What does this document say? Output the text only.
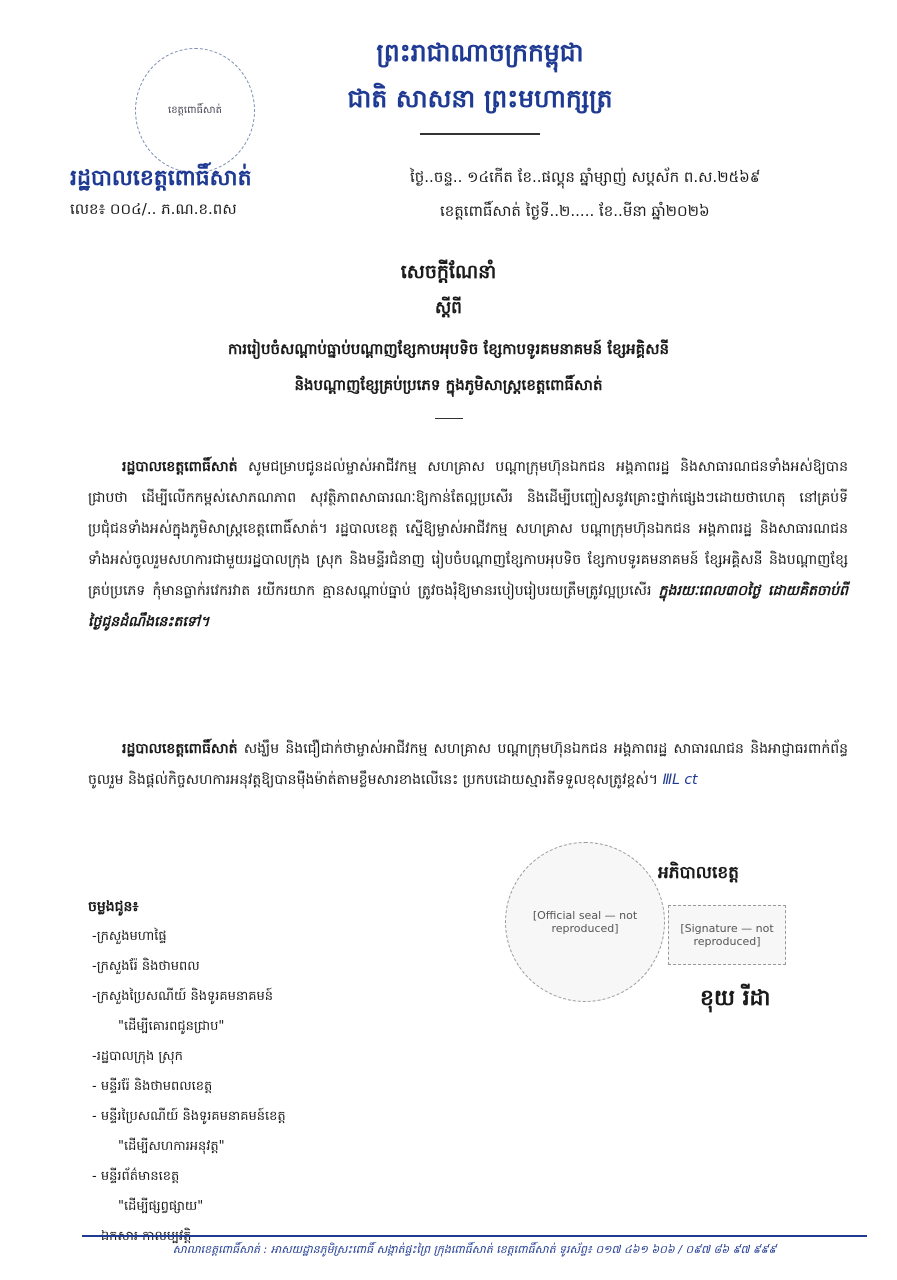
ខេត្តពោធិ៍សាត់
ព្រះរាជាណាចក្រកម្ពុជា
ជាតិ សាសនា ព្រះមហាក្សត្រ
រដ្ឋបាលខេត្តពោធិ៍សាត់
លេខ៖ ០០៤/.. ភ.ណ.ខ.ពស
ថ្ងៃ..ចន្ទ.. ១៤កើត ខែ..ផល្គុន ឆ្នាំម្សាញ់ សប្តស័ក ព.ស.២៥៦៩
ខេត្តពោធិ៍សាត់ ថ្ងៃទី..២..... ខែ..មីនា ឆ្នាំ២០២៦
សេចក្តីណែនាំ
ស្តីពី
ការរៀបចំសណ្តាប់ធ្នាប់បណ្តាញខ្សែកាបអុបទិច ខ្សែកាបទូរគមនាគមន៍ ខ្សែអគ្គិសនី
និងបណ្តាញខ្សែគ្រប់ប្រភេទ ក្នុងភូមិសាស្ត្រខេត្តពោធិ៍សាត់

រដ្ឋបាលខេត្តពោធិ៍សាត់ សូមជម្រាបជូនដល់ម្ចាស់អាជីវកម្ម សហគ្រាស បណ្តាក្រុមហ៊ុនឯកជន អង្គភាពរដ្ឋ និងសាធារណជនទាំងអស់ឱ្យបានជ្រាបថា ដើម្បីលើកកម្ពស់សោភណភាព សុវត្ថិភាពសាធារណៈឱ្យកាន់តែល្អប្រសើរ និងដើម្បីបញ្ចៀសនូវគ្រោះថ្នាក់ផ្សេងៗដោយថាហេតុ នៅគ្រប់ទីប្រជុំជនទាំងអស់ក្នុងភូមិសាស្ត្រខេត្តពោធិ៍សាត់។ រដ្ឋបាលខេត្ត ស្នើឱ្យម្ចាស់អាជីវកម្ម សហគ្រាស បណ្តាក្រុមហ៊ុនឯកជន អង្គភាពរដ្ឋ និងសាធារណជនទាំងអស់ចូលរួមសហការជាមួយរដ្ឋបាលក្រុង ស្រុក និងមន្ទីរជំនាញ រៀបចំបណ្តាញខ្សែកាបអុបទិច ខ្សែកាបទូរគមនាគមន៍ ខ្សែអគ្គិសនី និងបណ្តាញខ្សែគ្រប់ប្រភេទ កុំមានធ្លាក់រវេករវាត រយីករយាក គ្មានសណ្តាប់ធ្នាប់ ត្រូវចងរុំឱ្យមានរបៀបរៀបរយត្រឹមត្រូវល្អប្រសើរ ក្នុងរយៈពេល៣០ថ្ងៃ ដោយគិតចាប់ពីថ្ងៃជូនដំណឹងនេះតទៅ។

រដ្ឋបាលខេត្តពោធិ៍សាត់ សង្ឃឹម និងជឿជាក់ថាម្ចាស់អាជីវកម្ម សហគ្រាស បណ្តាក្រុមហ៊ុនឯកជន អង្គភាពរដ្ឋ សាធារណជន និងអាជ្ញាធរពាក់ព័ន្ធ ចូលរួម និងផ្តល់កិច្ចសហការអនុវត្តឱ្យបានម៉ឺងម៉ាត់តាមខ្លឹមសារខាងលើនេះ ប្រកបដោយស្មារតីទទួលខុសត្រូវខ្ពស់។ ⅢL ct

អភិបាលខេត្ត
[Official seal — not reproduced]	[Signature — not reproduced]
ខុយ រីដា
ចម្លងជូន៖
-ក្រសួងមហាផ្ទៃ
-ក្រសួងរ៉ែ និងថាមពល
-ក្រសួងប្រៃសណីយ៍ និងទូរគមនាគមន៍
"ដើម្បីគោរពជូនជ្រាប"
-រដ្ឋបាលក្រុង ស្រុក
- មន្ទីររ៉ែ និងថាមពលខេត្ត
- មន្ទីរប្រៃសណីយ៍ និងទូរគមនាគមន៍ខេត្ត
"ដើម្បីសហការអនុវត្ត"
- មន្ទីរព័ត៌មានខេត្ត
"ដើម្បីផ្សព្វផ្សាយ"
សាលាខេត្តពោធិ៍សាត់ : អាសយដ្ឋានភូមិស្រះពោធិ៍ សង្កាត់ផ្ទះព្រៃ ក្រុងពោធិ៍សាត់ ខេត្តពោធិ៍សាត់ ទូរស័ព្ទ៖ ០១៧ ៤៦១ ៦០៦ / ០៩៧ ៨៦ ៩៧ ៩៩៩
